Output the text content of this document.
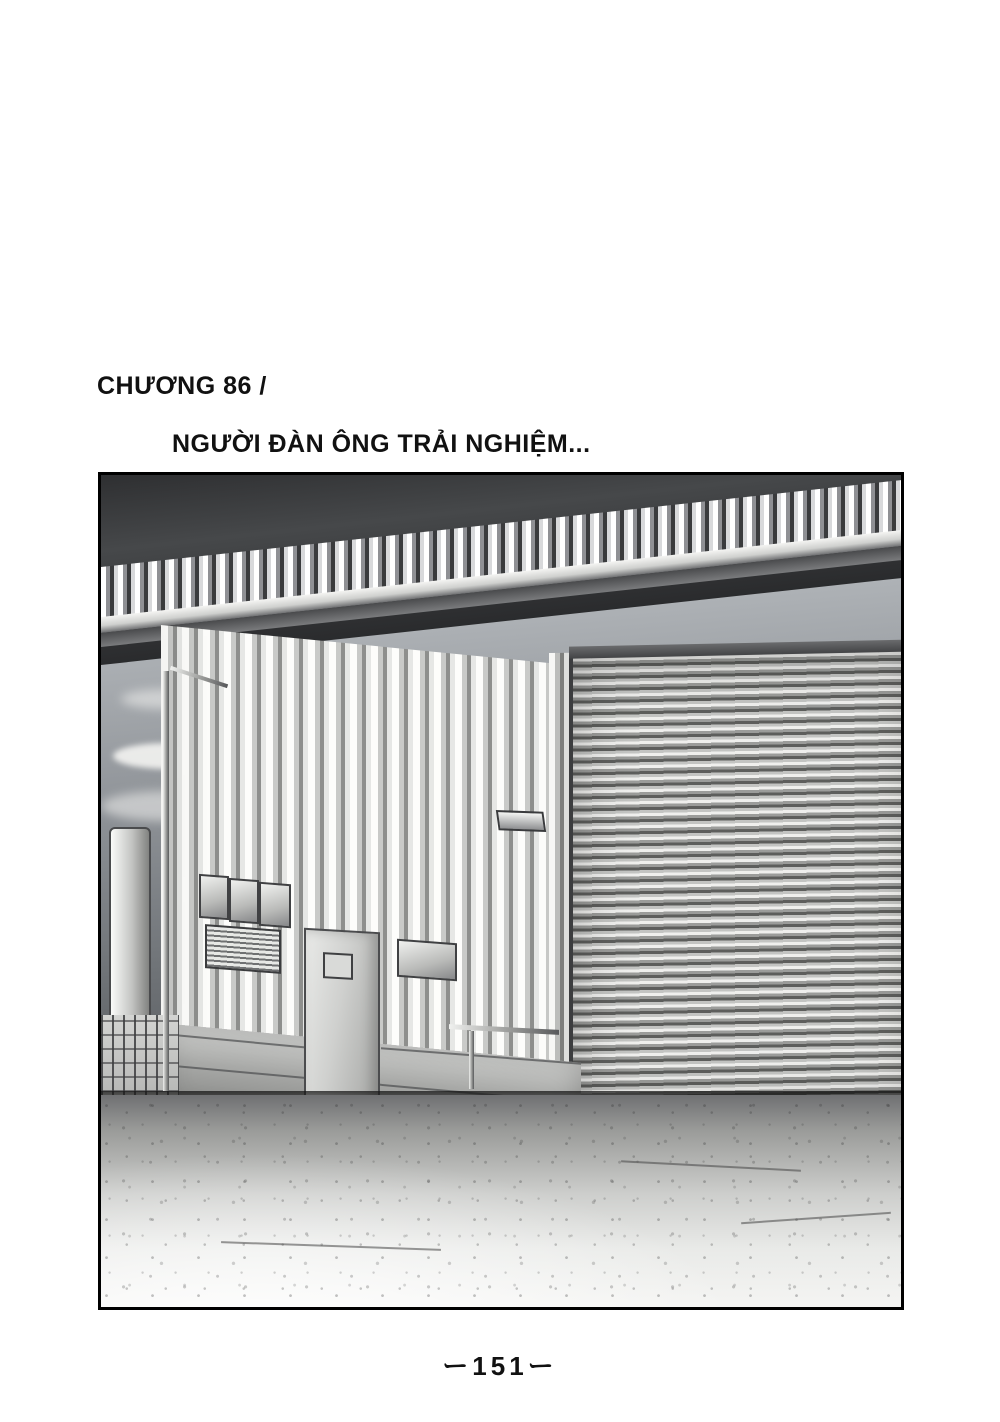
CHƯƠNG 86 /
NGƯỜI ĐÀN ÔNG TRẢI NGHIỆM...
ー151ー
